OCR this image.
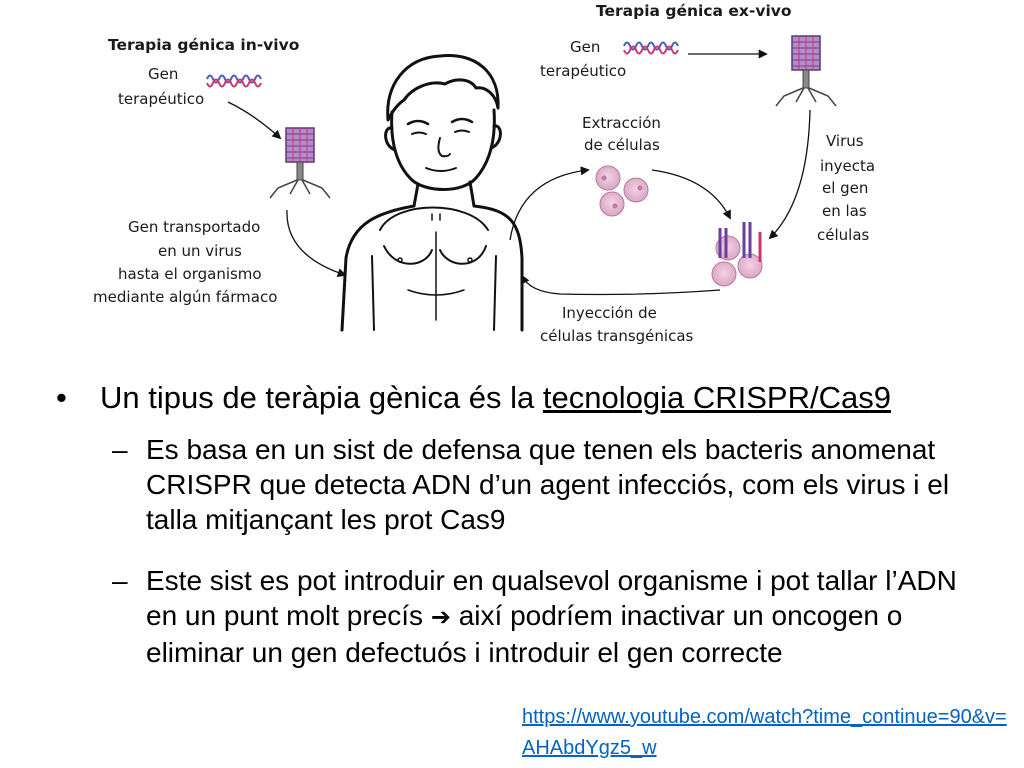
Terapia génica in-vivo
Terapia génica ex-vivo
Gen
terapéutico
Gen transportado
en un virus
hasta el organismo
mediante algún fármaco
Gen
terapéutico
Extracción
de células	Virus
inyecta
el gen
en las
células
Inyección de
células transgénicas
• Un tipus de teràpia gènica és la tecnologia CRISPR/Cas9
– Es basa en un sist de defensa que tenen els bacteris anomenat CRISPR que detecta ADN d’un agent infecciós, com els virus i el talla mitjançant les prot Cas9
– Este sist es pot introduir en qualsevol organisme i pot tallar l’ADN en un punt molt precís ➔ així podríem inactivar un oncogen o eliminar un gen defectuós i introduir el gen correcte
https://www.youtube.com/watch?time_continue=90&v=AHAbdYgz5_w
